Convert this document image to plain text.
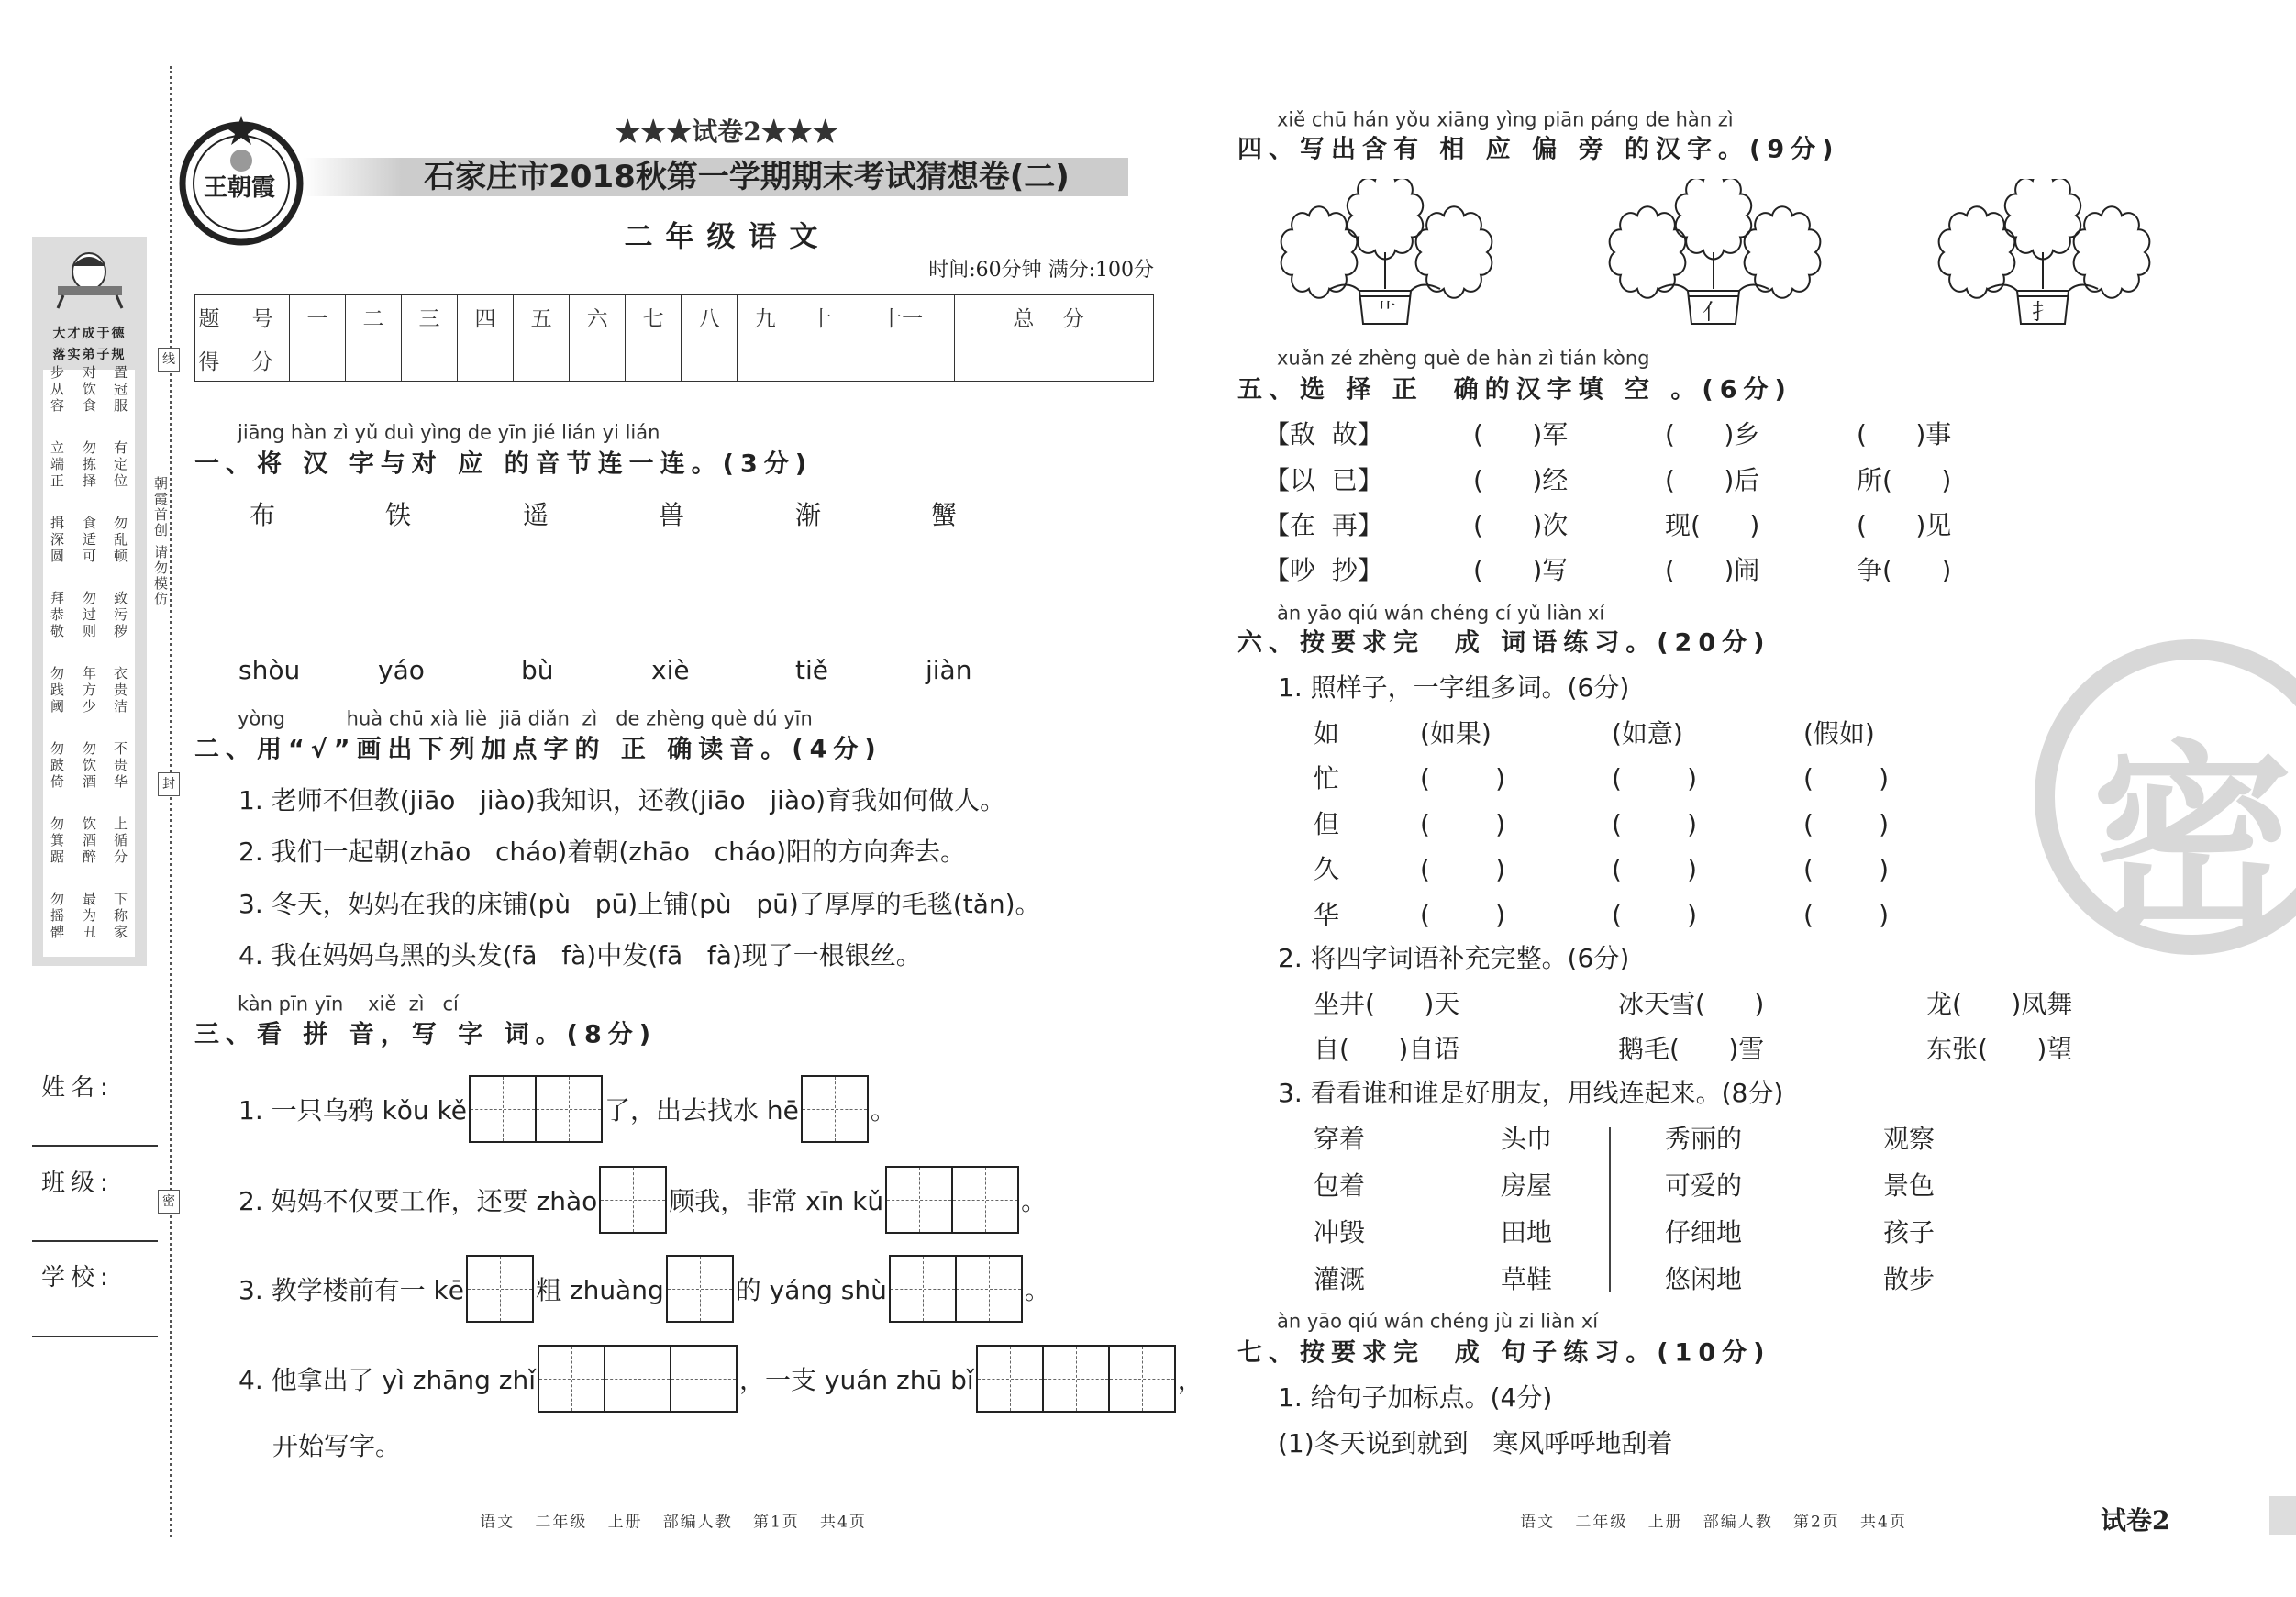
大才成于德
落实弟子规
步从容 对饮食 置冠服
立端正 勿拣择 有定位
揖深圆 食适可 勿乱顿
拜恭敬 勿过则 致污秽
勿践阈 年方少 衣贵洁
勿跛倚 勿饮酒 不贵华
勿箕踞 饮酒醉 上循分
勿摇髀 最为丑 下称家
线
封
密
朝霞首创 请勿模仿
姓名:
班级:
学校:
王朝霞
★★★试卷2★★★
石家庄市2018秋第一学期期末考试猜想卷(二)
二年级语文
时间:60分钟 满分:100分
题 号	一	二	三	四	五	六	七	八	九	十	十一	总 分
得 分												
jiāng hàn zì yǔ duì yìng de yīn jié lián yi lián
一、将 汉 字与对 应 的音节连一连。(3分)
布	铁	遥	兽	渐	蟹
shòu	yáo	bù	xiè	tiě	jiàn
yòng          huà chū xià liè  jiā diǎn  zì   de zhèng què dú yīn
二、用“√”画出下列加点字的 正 确读音。(4分)
1. 老师不但教(jiāo   jiào)我知识，还教(jiāo   jiào)育我如何做人。
2. 我们一起朝(zhāo   cháo)着朝(zhāo   cháo)阳的方向奔去。
3. 冬天，妈妈在我的床铺(pù   pū)上铺(pù   pū)了厚厚的毛毯(tǎn)。
4. 我在妈妈乌黑的头发(fā   fà)中发(fā   fà)现了一根银丝。
kàn pīn yīn    xiě  zì   cí
三、看 拼 音，写 字 词。(8分)
1. 一只乌鸦 kǒu kě	了，出去找水 hē	。
2. 妈妈不仅要工作，还要 zhào	顾我，非常 xīn kǔ	。
3. 教学楼前有一 kē	粗 zhuàng	的 yáng shù	。
4. 他拿出了 yì zhāng zhǐ	，一支 yuán zhū bǐ	，
开始写字。
语文   二年级   上册   部编人教   第1页   共4页
密
xiě chū hán yǒu xiāng yìng piān páng de hàn zì
四、写出含有 相 应 偏 旁 的汉字。(9分)
艹	亻	扌
xuǎn zé zhèng què de hàn zì tián kòng
五、选 择 正  确的汉字填 空 。(6分)
【敌  故】	(      )军	(      )乡	(      )事
【以  已】	(      )经	(      )后	所(      )
【在  再】	(      )次	现(      )	(      )见
【吵  抄】	(      )写	(      )闹	争(      )
àn yāo qiú wán chéng cí yǔ liàn xí
六、按要求完  成 词语练习。(20分)
1. 照样子，一字组多词。(6分)
如	(如果)	(如意)	(假如)
忙	(        )	(        )	(        )
但	(        )	(        )	(        )
久	(        )	(        )	(        )
华	(        )	(        )	(        )
2. 将四字词语补充完整。(6分)
坐井(      )天	冰天雪(      )	龙(      )凤舞
自(      )自语	鹅毛(      )雪	东张(      )望
3. 看看谁和谁是好朋友，用线连起来。(8分)
穿着	头巾	秀丽的	观察
包着	房屋	可爱的	景色
冲毁	田地	仔细地	孩子
灌溉	草鞋	悠闲地	散步
àn yāo qiú wán chéng jù zi liàn xí
七、按要求完  成 句子练习。(10分)
1. 给句子加标点。(4分)
(1)冬天说到就到   寒风呼呼地刮着
语文   二年级   上册   部编人教   第2页   共4页	试卷2
